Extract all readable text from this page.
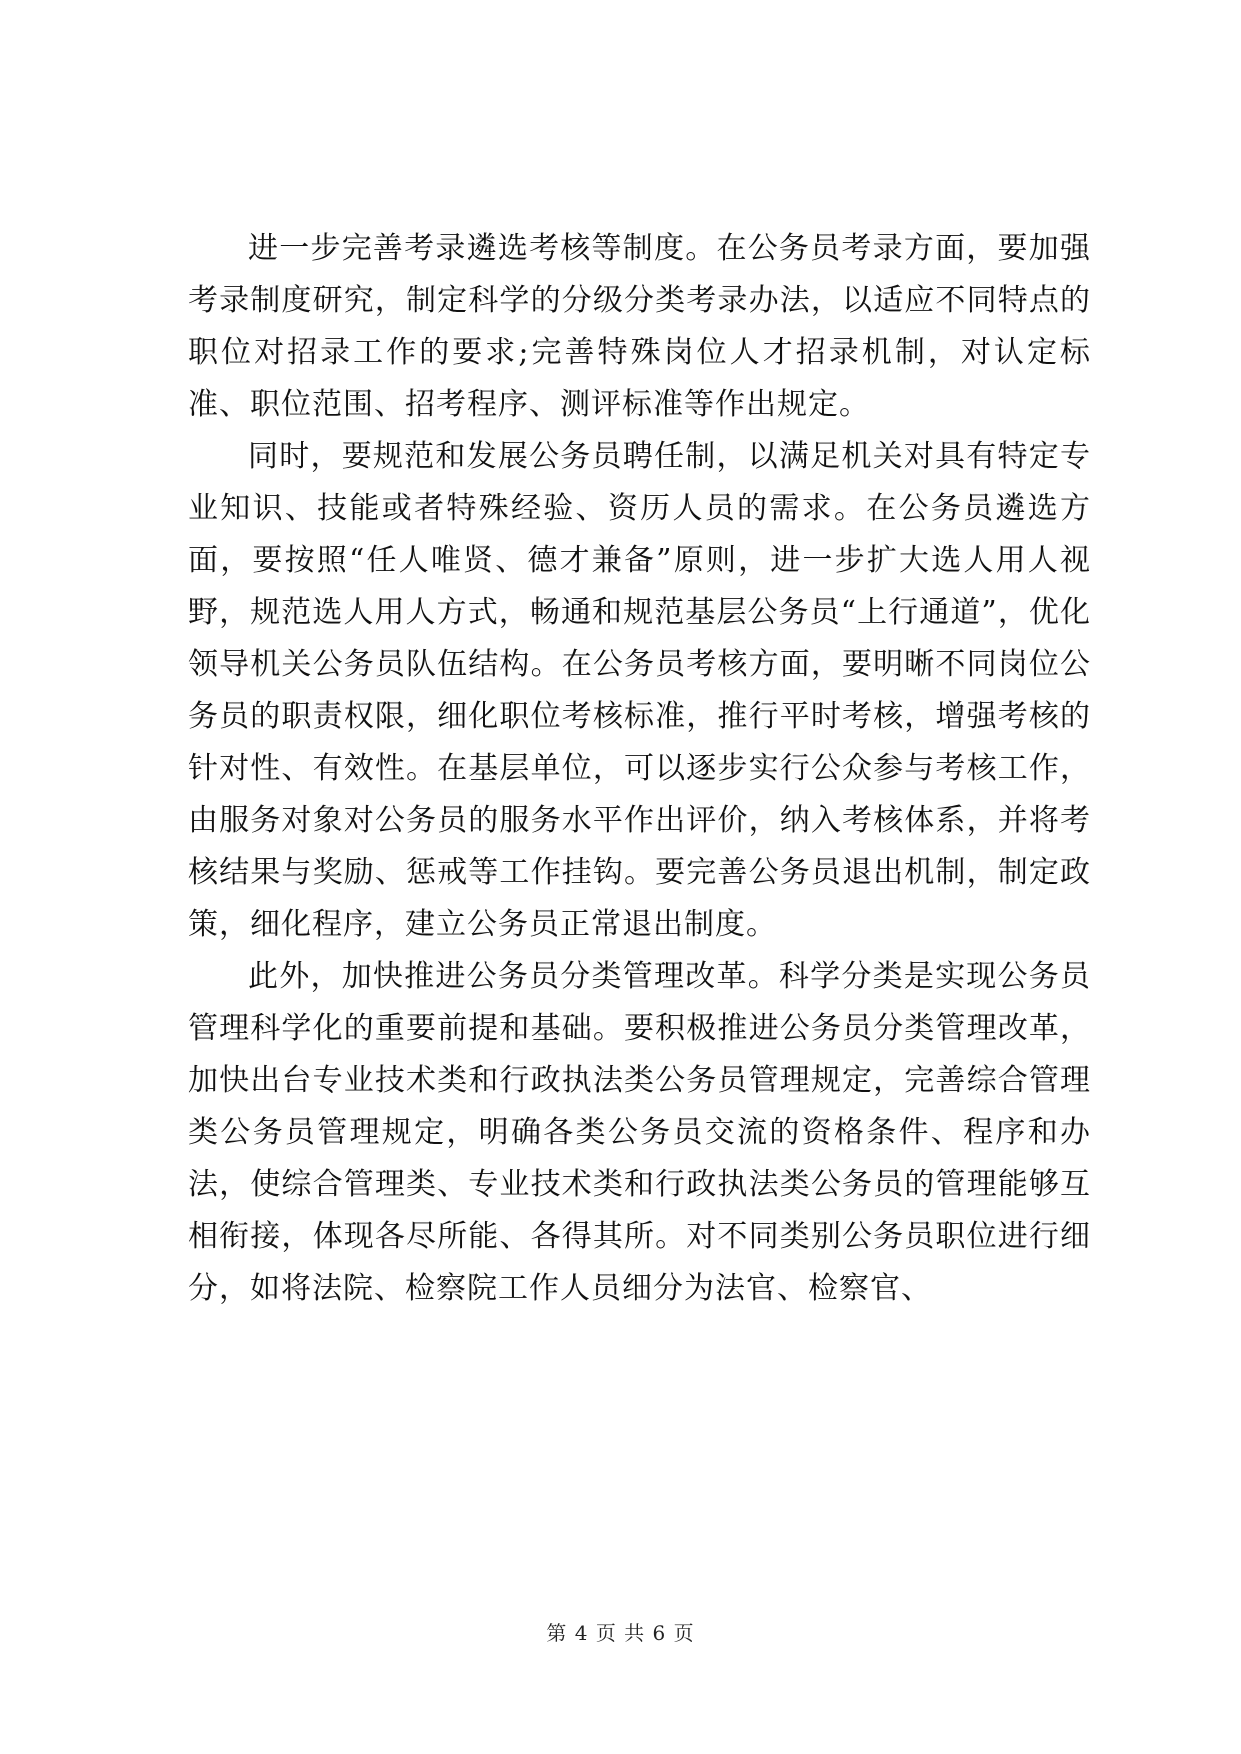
进一步完善考录遴选考核等制度。在公务员考录方面，要加强考录制度研究，制定科学的分级分类考录办法，以适应不同特点的职位对招录工作的要求;完善特殊岗位人才招录机制，对认定标准、职位范围、招考程序、测评标准等作出规定。

同时，要规范和发展公务员聘任制，以满足机关对具有特定专业知识、技能或者特殊经验、资历人员的需求。在公务员遴选方面，要按照“任人唯贤、德才兼备”原则，进一步扩大选人用人视野，规范选人用人方式，畅通和规范基层公务员“上行通道”，优化领导机关公务员队伍结构。在公务员考核方面，要明晰不同岗位公务员的职责权限，细化职位考核标准，推行平时考核，增强考核的针对性、有效性。在基层单位，可以逐步实行公众参与考核工作，由服务对象对公务员的服务水平作出评价，纳入考核体系，并将考核结果与奖励、惩戒等工作挂钩。要完善公务员退出机制，制定政策，细化程序，建立公务员正常退出制度。

此外，加快推进公务员分类管理改革。科学分类是实现公务员管理科学化的重要前提和基础。要积极推进公务员分类管理改革，加快出台专业技术类和行政执法类公务员管理规定，完善综合管理类公务员管理规定，明确各类公务员交流的资格条件、程序和办法，使综合管理类、专业技术类和行政执法类公务员的管理能够互相衔接，体现各尽所能、各得其所。对不同类别公务员职位进行细分，如将法院、检察院工作人员细分为法官、检察官、

第 4 页 共 6 页
